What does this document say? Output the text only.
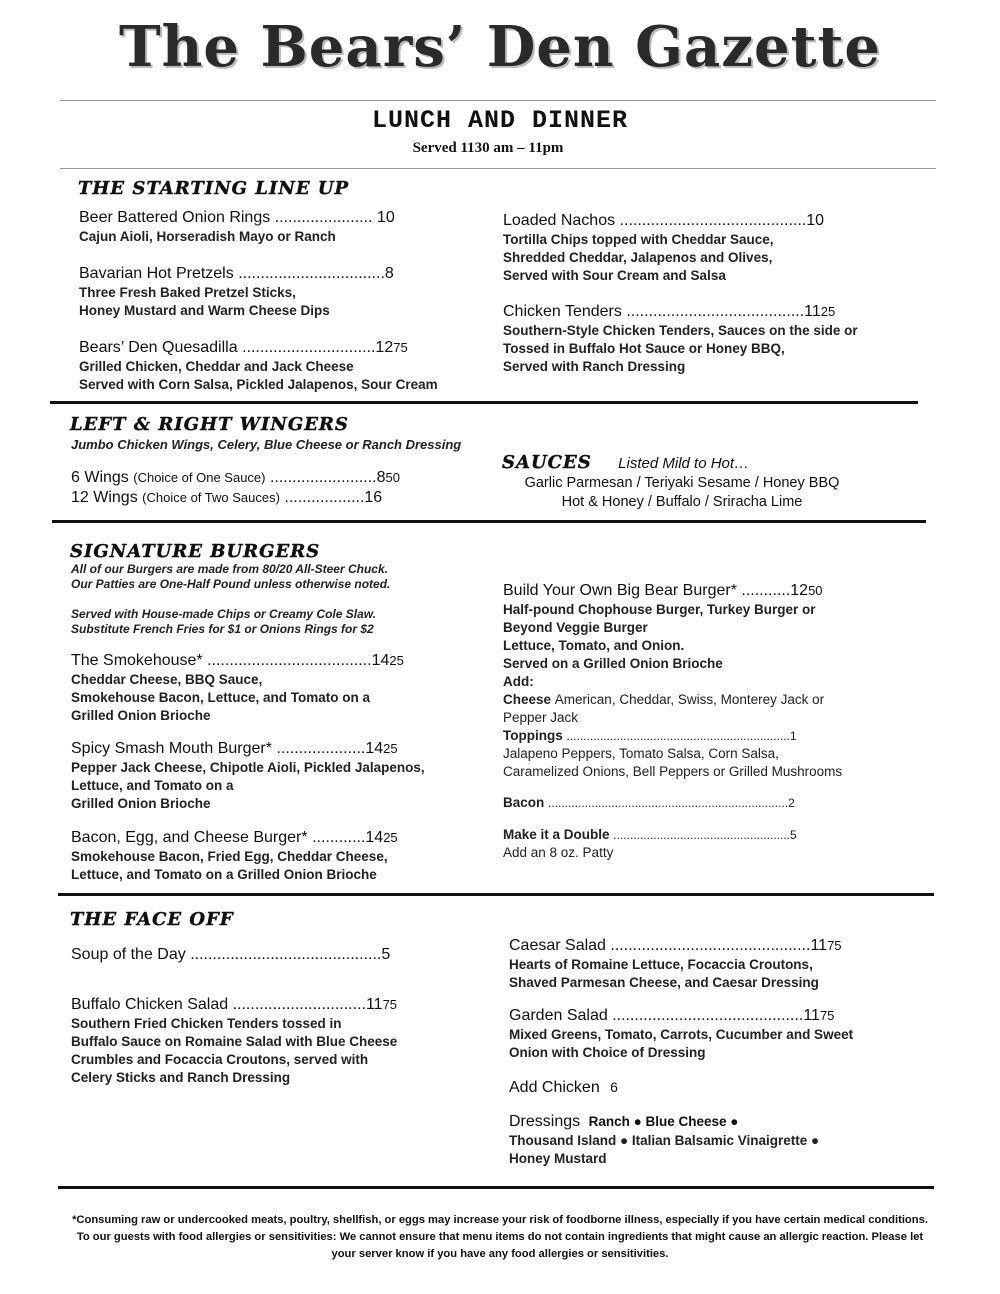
The Bears’ Den Gazette
LUNCH AND DINNER
Served 1130 am – 11pm
THE STARTING LINE UP
Beer Battered Onion Rings ...................... 10
Cajun Aioli, Horseradish Mayo or Ranch
Bavarian Hot Pretzels .................................8
Three Fresh Baked Pretzel Sticks,
Honey Mustard and Warm Cheese Dips
Bears’ Den Quesadilla ..............................1275
Grilled Chicken, Cheddar and Jack Cheese
Served with Corn Salsa, Pickled Jalapenos, Sour Cream
Loaded Nachos ..........................................10
Tortilla Chips topped with Cheddar Sauce,
Shredded Cheddar, Jalapenos and Olives,
Served with Sour Cream and Salsa
Chicken Tenders ........................................1125
Southern-Style Chicken Tenders, Sauces on the side or
Tossed in Buffalo Hot Sauce or Honey BBQ,
Served with Ranch Dressing
LEFT & RIGHT WINGERS
Jumbo Chicken Wings, Celery, Blue Cheese or Ranch Dressing
6 Wings (Choice of One Sauce) ........................850
12 Wings (Choice of Two Sauces) ..................16
SAUCES Listed Mild to Hot…
Garlic Parmesan / Teriyaki Sesame / Honey BBQ
Hot & Honey / Buffalo / Sriracha Lime
SIGNATURE BURGERS
All of our Burgers are made from 80/20 All-Steer Chuck.
Our Patties are One-Half Pound unless otherwise noted.
Served with House-made Chips or Creamy Cole Slaw.
Substitute French Fries for $1 or Onions Rings for $2
The Smokehouse* .....................................1425
Cheddar Cheese, BBQ Sauce,
Smokehouse Bacon, Lettuce, and Tomato on a
Grilled Onion Brioche
Spicy Smash Mouth Burger* ....................1425
Pepper Jack Cheese, Chipotle Aioli, Pickled Jalapenos,
Lettuce, and Tomato on a
Grilled Onion Brioche
Bacon, Egg, and Cheese Burger* ............1425
Smokehouse Bacon, Fried Egg, Cheddar Cheese,
Lettuce, and Tomato on a Grilled Onion Brioche
Build Your Own Big Bear Burger* ...........1250
Half-pound Chophouse Burger, Turkey Burger or
Beyond Veggie Burger
Lettuce, Tomato, and Onion.
Served on a Grilled Onion Brioche
Add:
Cheese American, Cheddar, Swiss, Monterey Jack or
Pepper Jack
Toppings ...................................................................1
Jalapeno Peppers, Tomato Salsa, Corn Salsa,
Caramelized Onions, Bell Peppers or Grilled Mushrooms
Bacon ........................................................................2
Make it a Double .....................................................5
Add an 8 oz. Patty
THE FACE OFF
Soup of the Day ...........................................5
Buffalo Chicken Salad ..............................1175
Southern Fried Chicken Tenders tossed in
Buffalo Sauce on Romaine Salad with Blue Cheese
Crumbles and Focaccia Croutons, served with
Celery Sticks and Ranch Dressing
Caesar Salad .............................................1175
Hearts of Romaine Lettuce, Focaccia Croutons,
Shaved Parmesan Cheese, and Caesar Dressing
Garden Salad ...........................................1175
Mixed Greens, Tomato, Carrots, Cucumber and Sweet
Onion with Choice of Dressing
Add Chicken 6
Dressings Ranch ● Blue Cheese ●
Thousand Island ● Italian Balsamic Vinaigrette ●
Honey Mustard
*Consuming raw or undercooked meats, poultry, shellfish, or eggs may increase your risk of foodborne illness, especially if you have certain medical conditions.
To our guests with food allergies or sensitivities: We cannot ensure that menu items do not contain ingredients that might cause an allergic reaction. Please let
your server know if you have any food allergies or sensitivities.
